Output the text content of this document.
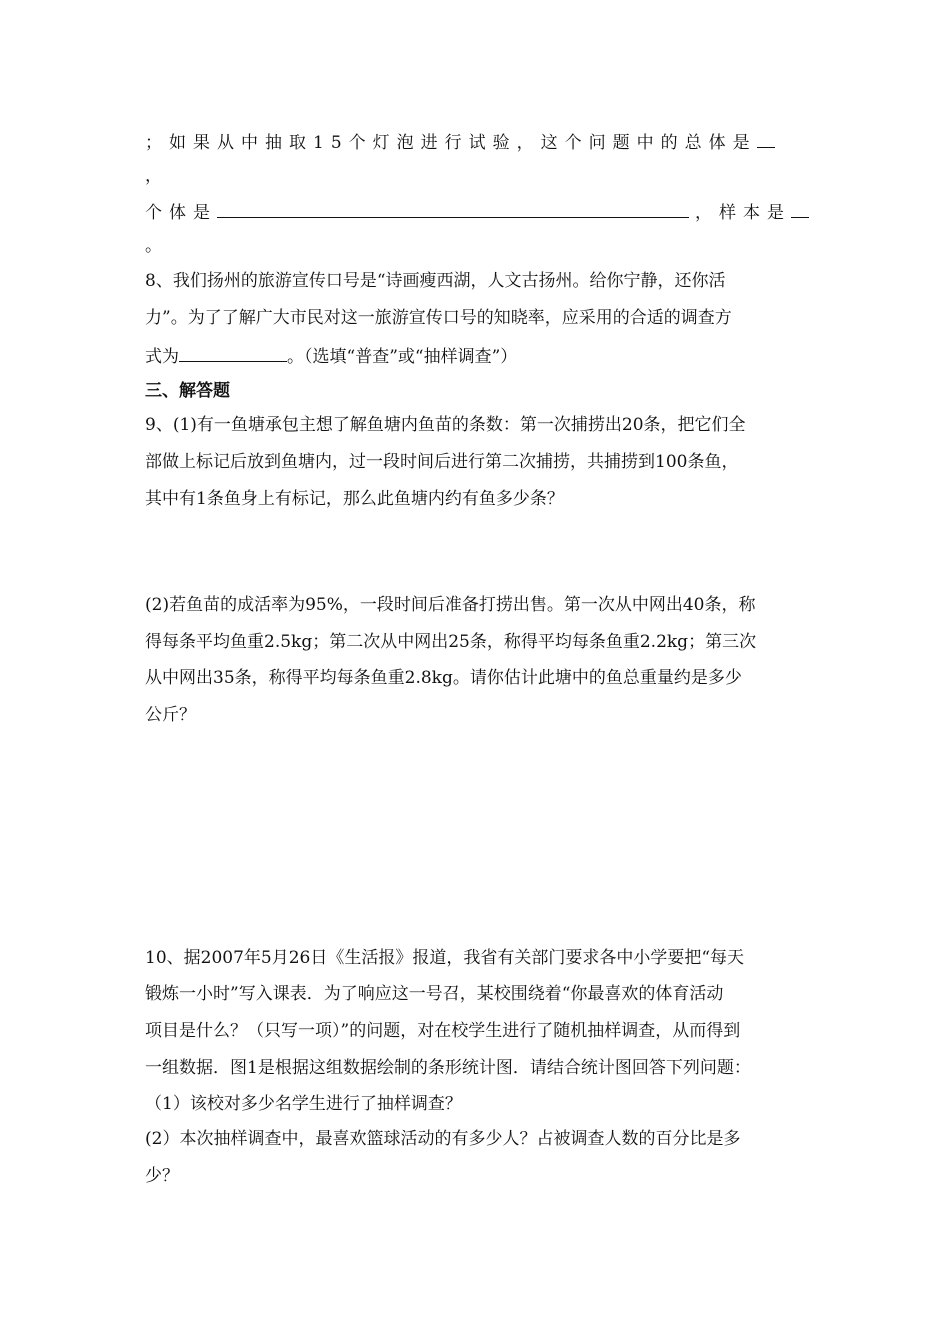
；如果从中抽取15个灯泡进行试验，这个问题中的总体是
，
个体是	，样本是
。
8、我们扬州的旅游宣传口号是“诗画瘦西湖，人文古扬州。给你宁静，还你活
力”。为了了解广大市民对这一旅游宣传口号的知晓率，应采用的合适的调查方
式为	。（选填“普查”或“抽样调查”）
三、解答题
9、(1)有一鱼塘承包主想了解鱼塘内鱼苗的条数：第一次捕捞出20条，把它们全
部做上标记后放到鱼塘内，过一段时间后进行第二次捕捞，共捕捞到100条鱼，
其中有1条鱼身上有标记，那么此鱼塘内约有鱼多少条？
(2)若鱼苗的成活率为95%，一段时间后准备打捞出售。第一次从中网出40条，称
得每条平均鱼重2.5kg；第二次从中网出25条，称得平均每条鱼重2.2kg；第三次
从中网出35条，称得平均每条鱼重2.8kg。请你估计此塘中的鱼总重量约是多少
公斤？
10、据2007年5月26日《生活报》报道，我省有关部门要求各中小学要把“每天
锻炼一小时”写入课表．为了响应这一号召，某校围绕着“你最喜欢的体育活动
项目是什么？（只写一项）”的问题，对在校学生进行了随机抽样调查，从而得到
一组数据．图1是根据这组数据绘制的条形统计图．请结合统计图回答下列问题：
（1）该校对多少名学生进行了抽样调查？
(2）本次抽样调查中，最喜欢篮球活动的有多少人？占被调查人数的百分比是多
少？
